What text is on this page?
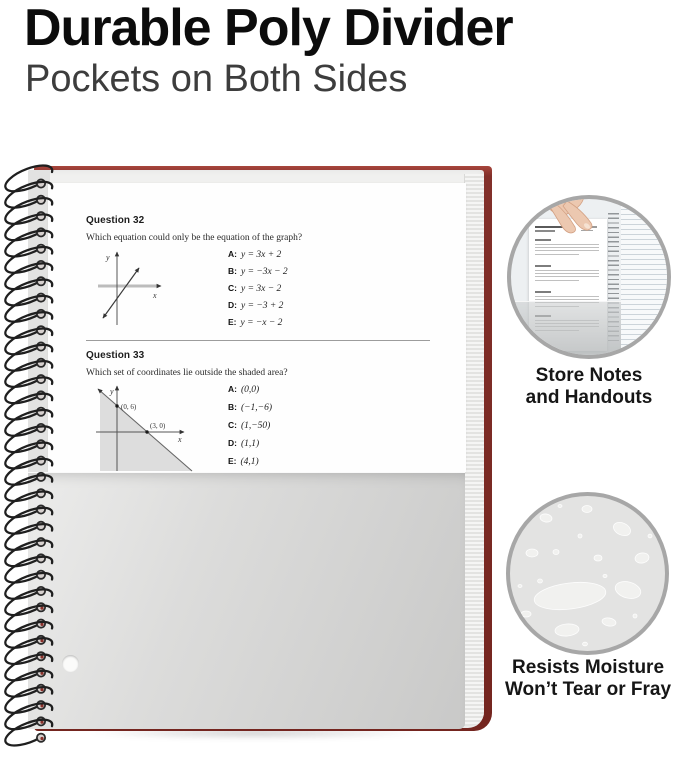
Durable Poly Divider
Pockets on Both Sides
Question 32
Which equation could only be the equation of the graph?
y
x
A: y = 3x + 2
B: y = −3x − 2
C: y = 3x − 2
D: y = −3 + 2
E: y = −x − 2
Question 33
Which set of coordinates lie outside the shaded area?
(0, 6)
(3, 0)
y
x
A: (0,0)
B: (−1,−6)
C: (1,−50)
D: (1,1)
E: (4,1)
Store Notes
and Handouts
Resists Moisture
Won’t Tear or Fray
